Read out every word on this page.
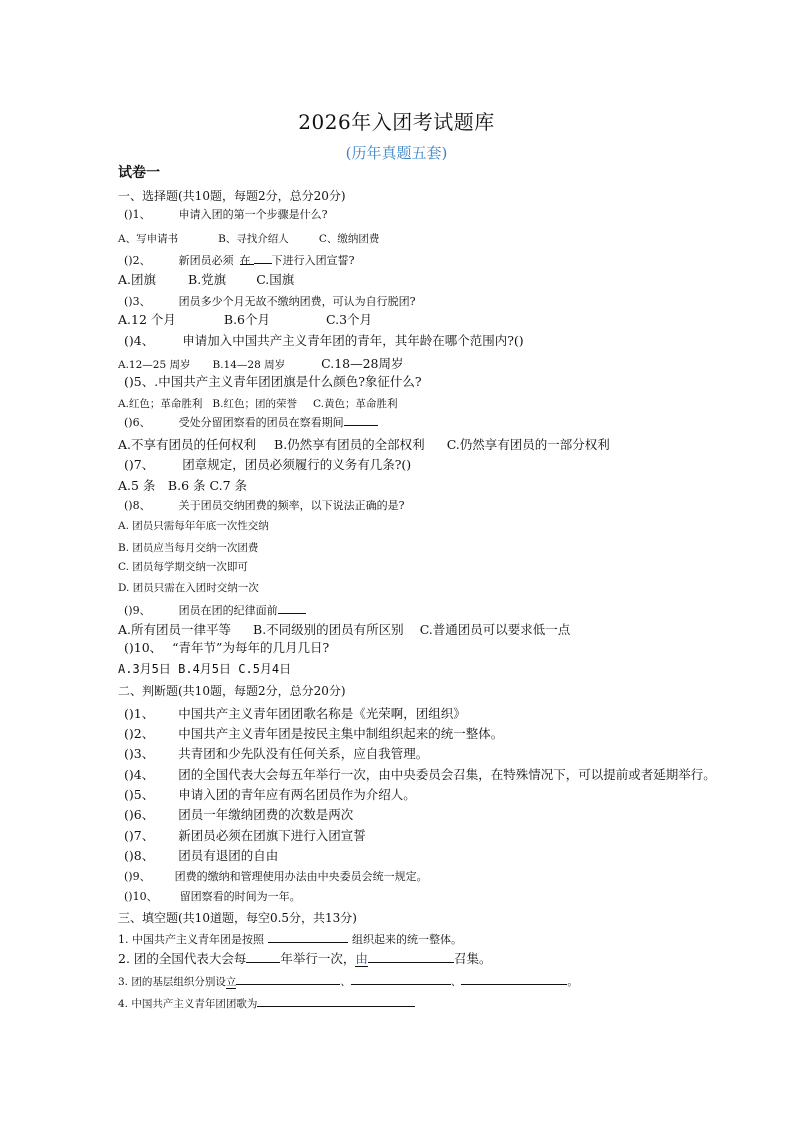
2026年入团考试题库
(历年真题五套)
试卷一
一、选择题(共10题，每题2分，总分20分)
()1、	申请入团的第一个步骤是什么?
A、写申请书	B、寻找介绍人	C、缴纳团费
()2、	新团员必须 在 下进行入团宣誓?
A.团旗	B.党旗 C.国旗
()3、	团员多少个月无故不缴纳团费，可认为自行脱团?
A.12 个月	B.6个月	C.3个月
()4、 申请加入中国共产主义青年团的青年，其年龄在哪个范围内?()
A.12—25 周岁 B.14—28 周岁	C.18—28周岁
()5、.中国共产主义青年团团旗是什么颜色?象征什么?
A.红色；革命胜利 B.红色；团的荣誉 C.黄色；革命胜利
()6、	受处分留团察看的团员在察看期间
A.不享有团员的任何权利 B.仍然享有团员的全部权利 C.仍然享有团员的一部分权利
()7、 团章规定，团员必须履行的义务有几条?()
A.5 条　B.6 条 C.7 条
()8、	关于团员交纳团费的频率，以下说法正确的是?
A. 团员只需每年年底一次性交纳
B. 团员应当每月交纳一次团费
C. 团员每学期交纳一次即可
D. 团员只需在入团时交纳一次
()9、	团员在团的纪律面前
A.所有团员一律平等 B.不同级别的团员有所区别 C.普通团员可以要求低一点
()10、 “青年节”为每年的几月几日?
A.3月5日 B.4月5日 C.5月4日
二、判断题(共10题，每题2分，总分20分)
()1、 中国共产主义青年团团歌名称是《光荣啊，团组织》
()2、 中国共产主义青年团是按民主集中制组织起来的统一整体。
()3、 共青团和少先队没有任何关系，应自我管理。
()4、 团的全国代表大会每五年举行一次，由中央委员会召集，在特殊情况下，可以提前或者延期举行。
()5、 申请入团的青年应有两名团员作为介绍人。
()6、 团员一年缴纳团费的次数是两次
()7、 新团员必须在团旗下进行入团宣誓
()8、 团员有退团的自由
()9、 团费的缴纳和管理使用办法由中央委员会统一规定。
()10、 留团察看的时间为一年。
三、填空题(共10道题，每空0.5分，共13分)
1. 中国共产主义青年团是按照	组织起来的统一整体。
2. 团的全国代表大会每	年举行一次，由	召集。
3. 团的基层组织分别设立	、	、	。
4. 中国共产主义青年团团歌为
